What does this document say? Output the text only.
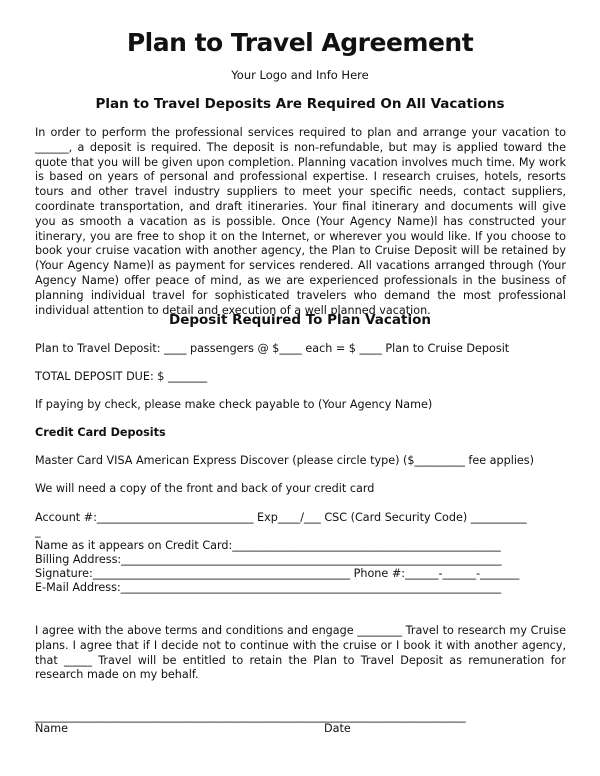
Plan to Travel Agreement
Your Logo and Info Here
Plan to Travel Deposits Are Required On All Vacations
In order to perform the professional services required to plan and arrange your vacation to ______, a deposit is required. The deposit is non-refundable, but may is applied toward the quote that you will be given upon completion. Planning vacation involves much time. My work is based on years of personal and professional expertise. I research cruises, hotels, resorts tours and other travel industry suppliers to meet your specific needs, contact suppliers, coordinate transportation, and draft itineraries. Your final itinerary and documents will give you as smooth a vacation as is possible. Once (Your Agency Name)l has constructed your itinerary, you are free to shop it on the Internet, or wherever you would like. If you choose to book your cruise vacation with another agency, the Plan to Cruise Deposit will be retained by (Your Agency Name)l as payment for services rendered. All vacations arranged through (Your Agency Name) offer peace of mind, as we are experienced professionals in the business of planning individual travel for sophisticated travelers who demand the most professional individual attention to detail and execution of a well planned vacation.
Deposit Required To Plan Vacation
Plan to Travel Deposit: ____ passengers @ $____ each = $ ____ Plan to Cruise Deposit
TOTAL DEPOSIT DUE: $ _______
If paying by check, please make check payable to (Your Agency Name)
Credit Card Deposits
Master Card VISA American Express Discover (please circle type) ($_________ fee applies)
We will need a copy of the front and back of your credit card
Account #:____________________________ Exp____/___ CSC (Card Security Code) __________
_
Name as it appears on Credit Card:________________________________________________
Billing Address:____________________________________________________________________
Signature:______________________________________________ Phone #:______-______-_______
E-Mail Address:____________________________________________________________________
I agree with the above terms and conditions and engage ________ Travel to research my Cruise plans. I agree that if I decide not to continue with the cruise or I book it with another agency, that _____ Travel will be entitled to retain the Plan to Travel Deposit as remuneration for research made on my behalf.
_____________________________________________________________________________
Name	Date
